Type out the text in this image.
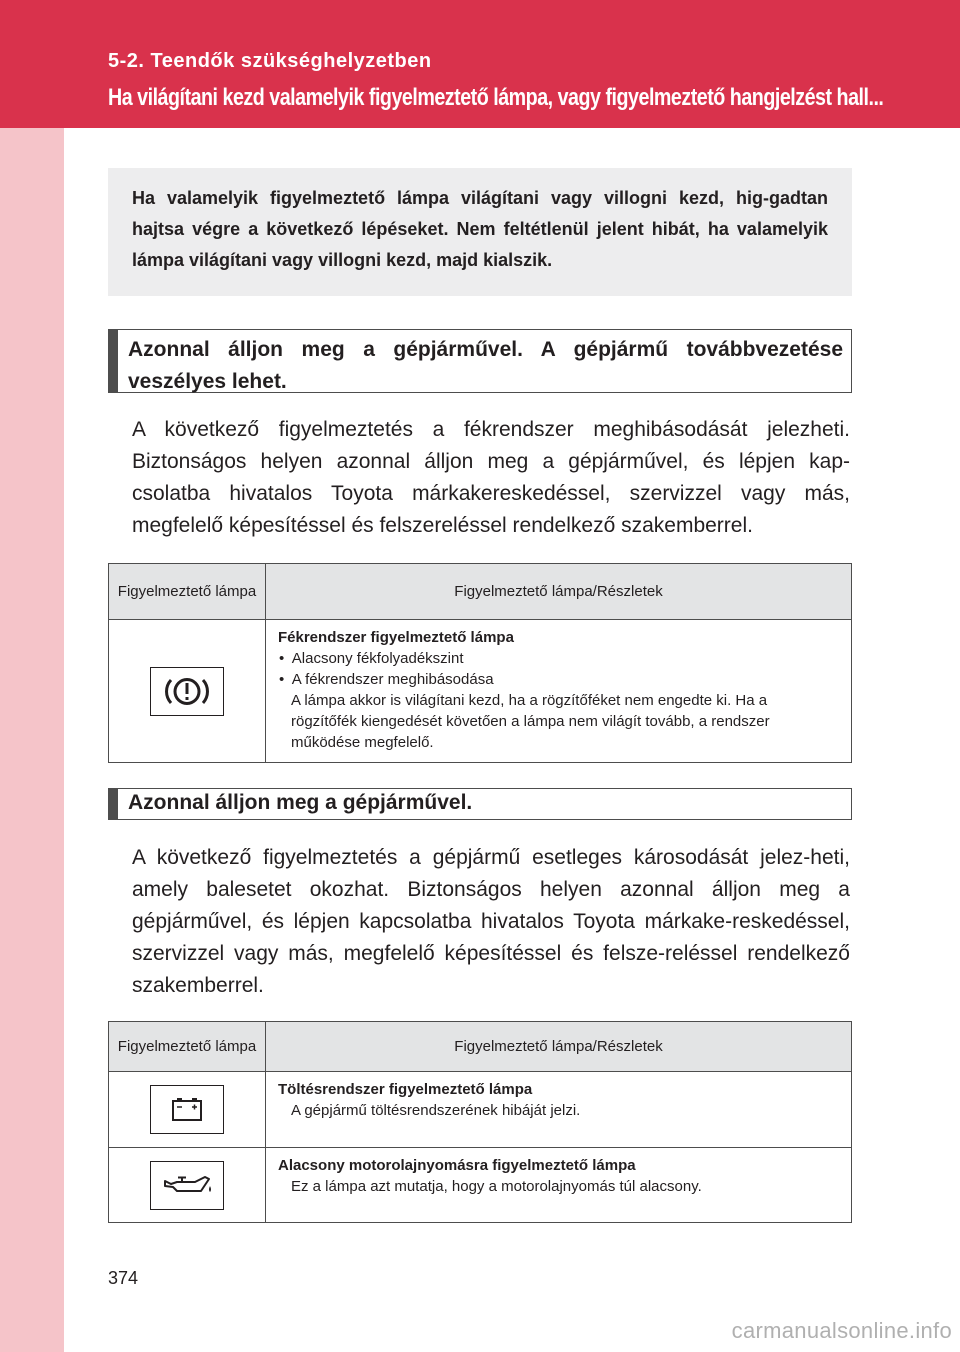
5-2. Teendők szükséghelyzetben
Ha világítani kezd valamelyik figyelmeztető lámpa, vagy figyelmeztető hangjelzést hall...
Ha valamelyik figyelmeztető lámpa világítani vagy villogni kezd, hig-gadtan hajtsa végre a következő lépéseket. Nem feltétlenül jelent hibát, ha valamelyik lámpa világítani vagy villogni kezd, majd kialszik.
Azonnal álljon meg a gépjárművel. A gépjármű továbbvezetése veszélyes lehet.
A következő figyelmeztetés a fékrendszer meghibásodását jelezheti. Biztonságos helyen azonnal álljon meg a gépjárművel, és lépjen kap-csolatba hivatalos Toyota márkakereskedéssel, szervizzel vagy más, megfelelő képesítéssel és felszereléssel rendelkező szakemberrel.
Figyelmeztető lámpa	Figyelmeztető lámpa/Részletek

Fékrendszer figyelmeztető lámpa
•  Alacsony fékfolyadékszint
•  A fékrendszer meghibásodása
A lámpa akkor is világítani kezd, ha a rögzítőféket nem engedte ki. Ha a rögzítőfék kiengedését követően a lámpa nem világít tovább, a rendszer működése megfelelő.
Azonnal álljon meg a gépjárművel.
A következő figyelmeztetés a gépjármű esetleges károsodását jelez-heti, amely balesetet okozhat. Biztonságos helyen azonnal álljon meg a gépjárművel, és lépjen kapcsolatba hivatalos Toyota márkake-reskedéssel, szervizzel vagy más, megfelelő képesítéssel és felsze-reléssel rendelkező szakemberrel.
Figyelmeztető lámpa	Figyelmeztető lámpa/Részletek

Töltésrendszer figyelmeztető lámpa
A gépjármű töltésrendszerének hibáját jelzi.

Alacsony motorolajnyomásra figyelmeztető lámpa
Ez a lámpa azt mutatja, hogy a motorolajnyomás túl alacsony.
374
carmanualsonline.info
